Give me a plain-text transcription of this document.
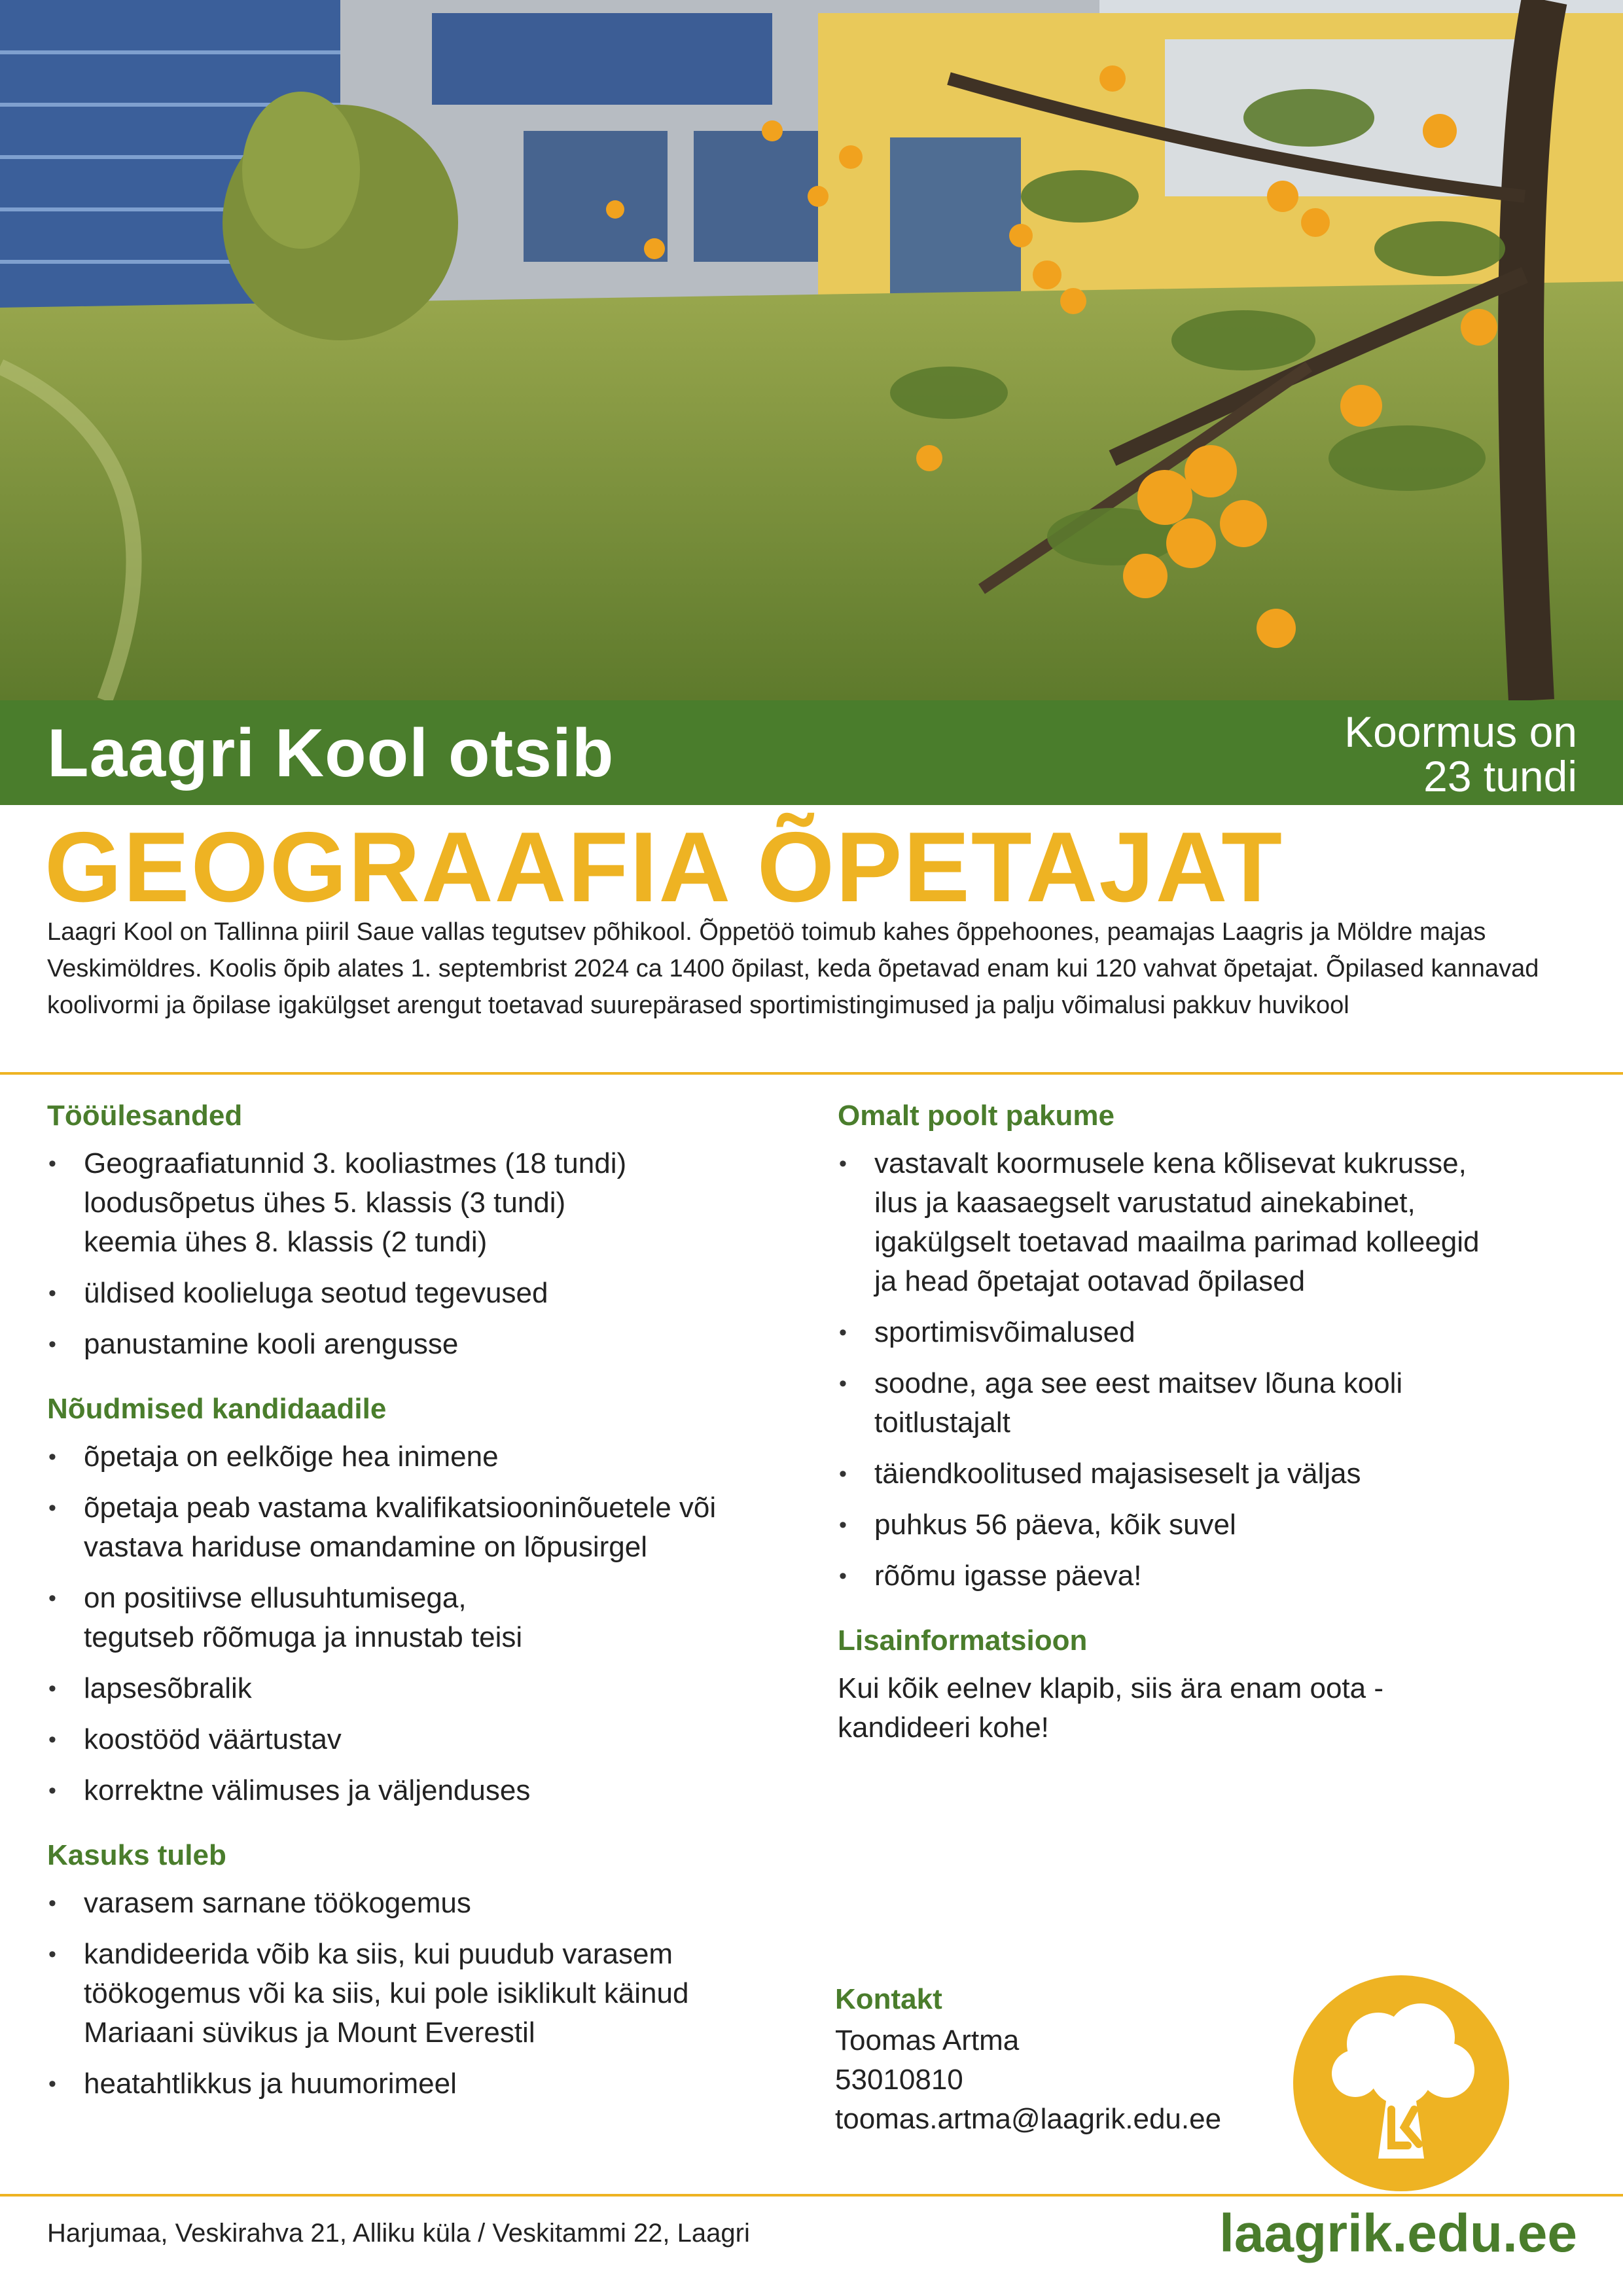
Laagri Kool otsib	Koormus on
23 tundi
GEOGRAAFIA ÕPETAJAT
Laagri Kool on Tallinna piiril Saue vallas tegutsev põhikool. Õppetöö toimub kahes õppehoones, peamajas Laagris ja Möldre majas Veskimöldres. Koolis õpib alates 1. septembrist 2024 ca 1400 õpilast, keda õpetavad enam kui 120 vahvat õpetajat. Õpilased kannavad koolivormi ja õpilase igakülgset arengut toetavad suurepärased sportimistingimused ja palju võimalusi pakkuv huvikool
Tööülesanded
• Geograafiatunnid 3. kooliastmes (18 tundi)
loodusõpetus ühes 5. klassis (3 tundi)
keemia ühes 8. klassis (2 tundi)
• üldised koolieluga seotud tegevused
• panustamine kooli arengusse
Nõudmised kandidaadile
• õpetaja on eelkõige hea inimene
• õpetaja peab vastama kvalifikatsiooninõuetele või
vastava hariduse omandamine on lõpusirgel
• on positiivse ellusuhtumisega,
tegutseb rõõmuga ja innustab teisi
• lapsesõbralik
• koostööd väärtustav
• korrektne välimuses ja väljenduses
Kasuks tuleb
• varasem sarnane töökogemus
• kandideerida võib ka siis, kui puudub varasem
töökogemus või ka siis, kui pole isiklikult käinud
Mariaani süvikus ja Mount Everestil
• heatahtlikkus ja huumorimeel
Omalt poolt pakume
• vastavalt koormusele kena kõlisevat kukrusse,
ilus ja kaasaegselt varustatud ainekabinet,
igakülgselt toetavad maailma parimad kolleegid
ja head õpetajat ootavad õpilased
• sportimisvõimalused
• soodne, aga see eest maitsev lõuna kooli
toitlustajalt
• täiendkoolitused majasiseselt ja väljas
• puhkus 56 päeva, kõik suvel
• rõõmu igasse päeva!
Lisainformatsioon
Kui kõik eelnev klapib, siis ära enam oota -
kandideeri kohe!
Kontakt
Toomas Artma
53010810
toomas.artma@laagrik.edu.ee
Harjumaa, Veskirahva 21, Alliku küla / Veskitammi 22, Laagri	laagrik.edu.ee
